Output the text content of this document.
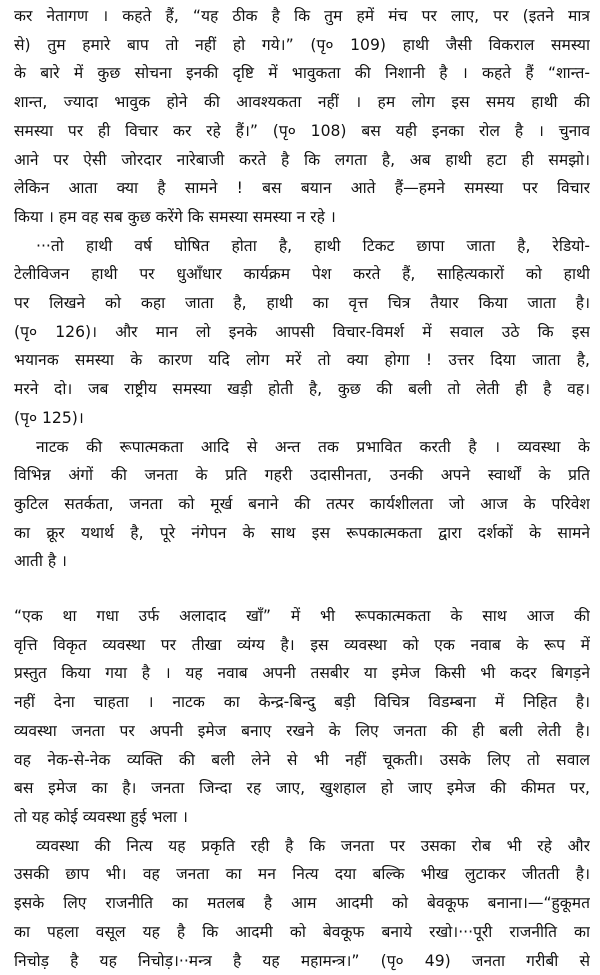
कर नेतागण । कहते हैं, “यह ठीक है कि तुम हमें मंच पर लाए, पर (इतने मात्र
से) तुम हमारे बाप तो नहीं हो गये।” (पृ० 109) हाथी जैसी विकराल समस्या
के बारे में कुछ सोचना इनकी दृष्टि में भावुकता की निशानी है । कहते हैं “शान्त-
शान्त, ज्यादा भावुक होने की आवश्यकता नहीं । हम लोग इस समय हाथी की
समस्या पर ही विचार कर रहे हैं।” (पृ० 108) बस यही इनका रोल है । चुनाव
आने पर ऐसी जोरदार नारेबाजी करते है कि लगता है, अब हाथी हटा ही समझो।
लेकिन आता क्या है सामने ! बस बयान आते हैं—हमने समस्या पर विचार
किया । हम वह सब कुछ करेंगे कि समस्या समस्या न रहे ।
···तो हाथी वर्ष घोषित होता है, हाथी टिकट छापा जाता है, रेडियो-
टेलीविजन हाथी पर धुआँधार कार्यक्रम पेश करते हैं, साहित्यकारों को हाथी
पर लिखने को कहा जाता है, हाथी का वृत्त चित्र तैयार किया जाता है।
(पृ० 126)। और मान लो इनके आपसी विचार-विमर्श में सवाल उठे कि इस
भयानक समस्या के कारण यदि लोग मरें तो क्या होगा ! उत्तर दिया जाता है,
मरने दो। जब राष्ट्रीय समस्या खड़ी होती है, कुछ की बली तो लेती ही है वह।
(पृ० 125)।
नाटक की रूपात्मकता आदि से अन्त तक प्रभावित करती है । व्यवस्था के
विभिन्न अंगों की जनता के प्रति गहरी उदासीनता, उनकी अपने स्वार्थों के प्रति
कुटिल सतर्कता, जनता को मूर्ख बनाने की तत्पर कार्यशीलता जो आज के परिवेश
का क्रूर यथार्थ है, पूरे नंगेपन के साथ इस रूपकात्मकता द्वारा दर्शकों के सामने
आती है ।
“एक था गधा उर्फ अलादाद खाँ” में भी रूपकात्मकता के साथ आज की
वृत्ति विकृत व्यवस्था पर तीखा व्यंग्य है। इस व्यवस्था को एक नवाब के रूप में
प्रस्तुत किया गया है । यह नवाब अपनी तसबीर या इमेज किसी भी कदर बिगड़ने
नहीं देना चाहता । नाटक का केन्द्र-बिन्दु बड़ी विचित्र विडम्बना में निहित है।
व्यवस्था जनता पर अपनी इमेज बनाए रखने के लिए जनता की ही बली लेती है।
वह नेक-से-नेक व्यक्ति की बली लेने से भी नहीं चूकती। उसके लिए तो सवाल
बस इमेज का है। जनता जिन्दा रह जाए, खुशहाल हो जाए इमेज की कीमत पर,
तो यह कोई व्यवस्था हुई भला ।
व्यवस्था की नित्य यह प्रकृति रही है कि जनता पर उसका रोब भी रहे और
उसकी छाप भी। वह जनता का मन नित्य दया बल्कि भीख लुटाकर जीतती है।
इसके लिए राजनीति का मतलब है आम आदमी को बेवकूफ बनाना।—“हुकूमत
का पहला वसूल यह है कि आदमी को बेवकूफ बनाये रखो।···पूरी राजनीति का
निचोड़ है यह निचोड़।··मन्त्र है यह महामन्त्र।” (पृ० 49) जनता गरीबी से
